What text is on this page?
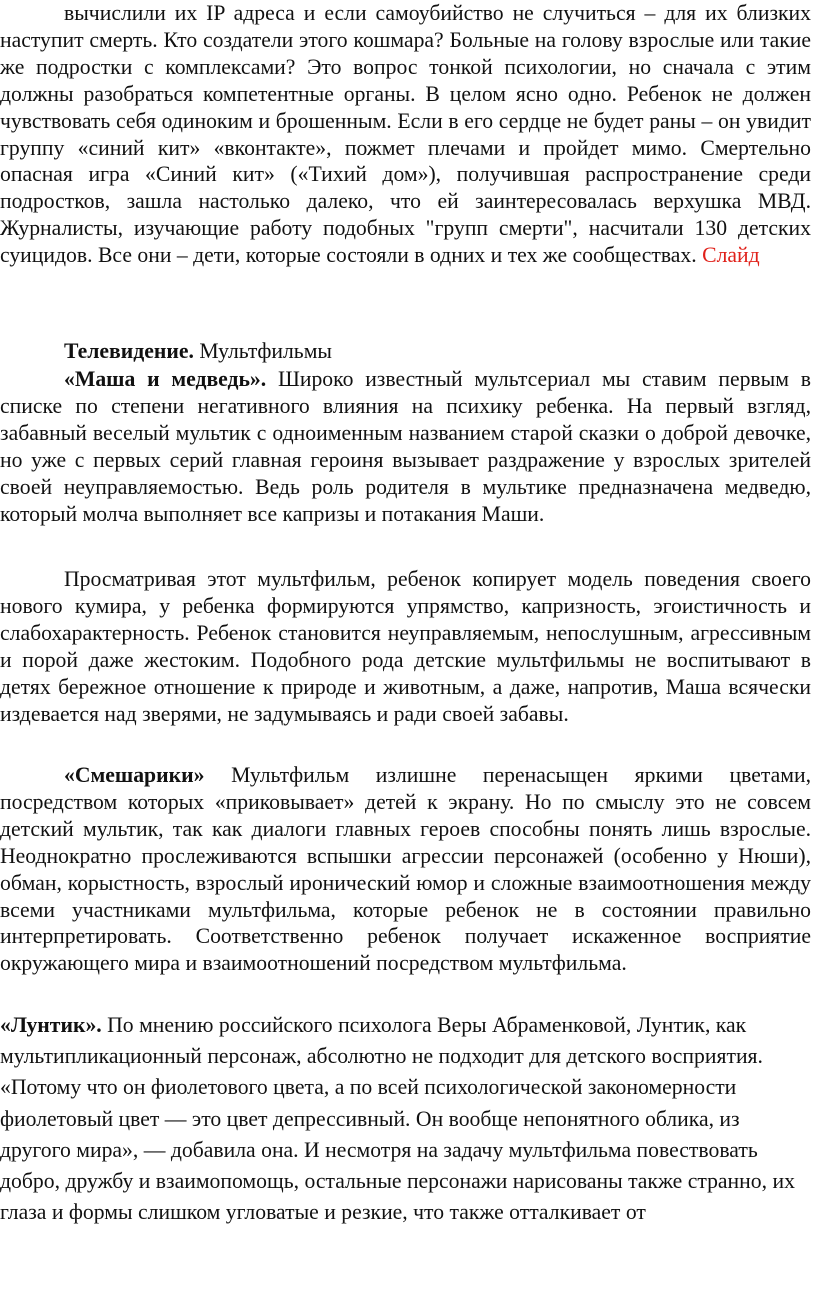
вычислили их IP адреса и если самоубийство не случиться – для их близких наступит смерть. Кто создатели этого кошмара? Больные на голову взрослые или такие же подростки с комплексами? Это вопрос тонкой психологии, но сначала с этим должны разобраться компетентные органы. В целом ясно одно. Ребенок не должен чувствовать себя одиноким и брошенным. Если в его сердце не будет раны – он увидит группу «синий кит» «вконтакте», пожмет плечами и пройдет мимо. Смертельно опасная игра «Синий кит» («Тихий дом»), получившая распространение среди подростков, зашла настолько далеко, что ей заинтересовалась верхушка МВД. Журналисты, изучающие работу подобных "групп смерти", насчитали 130 детских суицидов. Все они – дети, которые состояли в одних и тех же сообществах. Слайд

Телевидение. Мультфильмы

«Маша и медведь». Широко известный мультсериал мы ставим первым в списке по степени негативного влияния на психику ребенка. На первый взгляд, забавный веселый мультик с одноименным названием старой сказки о доброй девочке, но уже с первых серий главная героиня вызывает раздражение у взрослых зрителей своей неуправляемостью. Ведь роль родителя в мультике предназначена медведю, который молча выполняет все капризы и потакания Маши.

Просматривая этот мультфильм, ребенок копирует модель поведения своего нового кумира, у ребенка формируются упрямство, капризность, эгоистичность и слабохарактерность. Ребенок становится неуправляемым, непослушным, агрессивным и порой даже жестоким. Подобного рода детские мультфильмы не воспитывают в детях бережное отношение к природе и животным, а даже, напротив, Маша всячески издевается над зверями, не задумываясь и ради своей забавы.

«Смешарики» Мультфильм излишне перенасыщен яркими цветами, посредством которых «приковывает» детей к экрану. Но по смыслу это не совсем детский мультик, так как диалоги главных героев способны понять лишь взрослые. Неоднократно прослеживаются вспышки агрессии персонажей (особенно у Нюши), обман, корыстность, взрослый иронический юмор и сложные взаимоотношения между всеми участниками мультфильма, которые ребенок не в состоянии правильно интерпретировать. Соответственно ребенок получает искаженное восприятие окружающего мира и взаимоотношений посредством мультфильма.

«Лунтик». По мнению российского психолога Веры Абраменковой, Лунтик, как мультипликационный персонаж, абсолютно не подходит для детского восприятия. «Потому что он фиолетового цвета, а по всей психологической закономерности фиолетовый цвет — это цвет депрессивный. Он вообще непонятного облика, из другого мира», — добавила она. И несмотря на задачу мультфильма повествовать добро, дружбу и взаимопомощь, остальные персонажи нарисованы также странно, их глаза и формы слишком угловатые и резкие, что также отталкивает от
